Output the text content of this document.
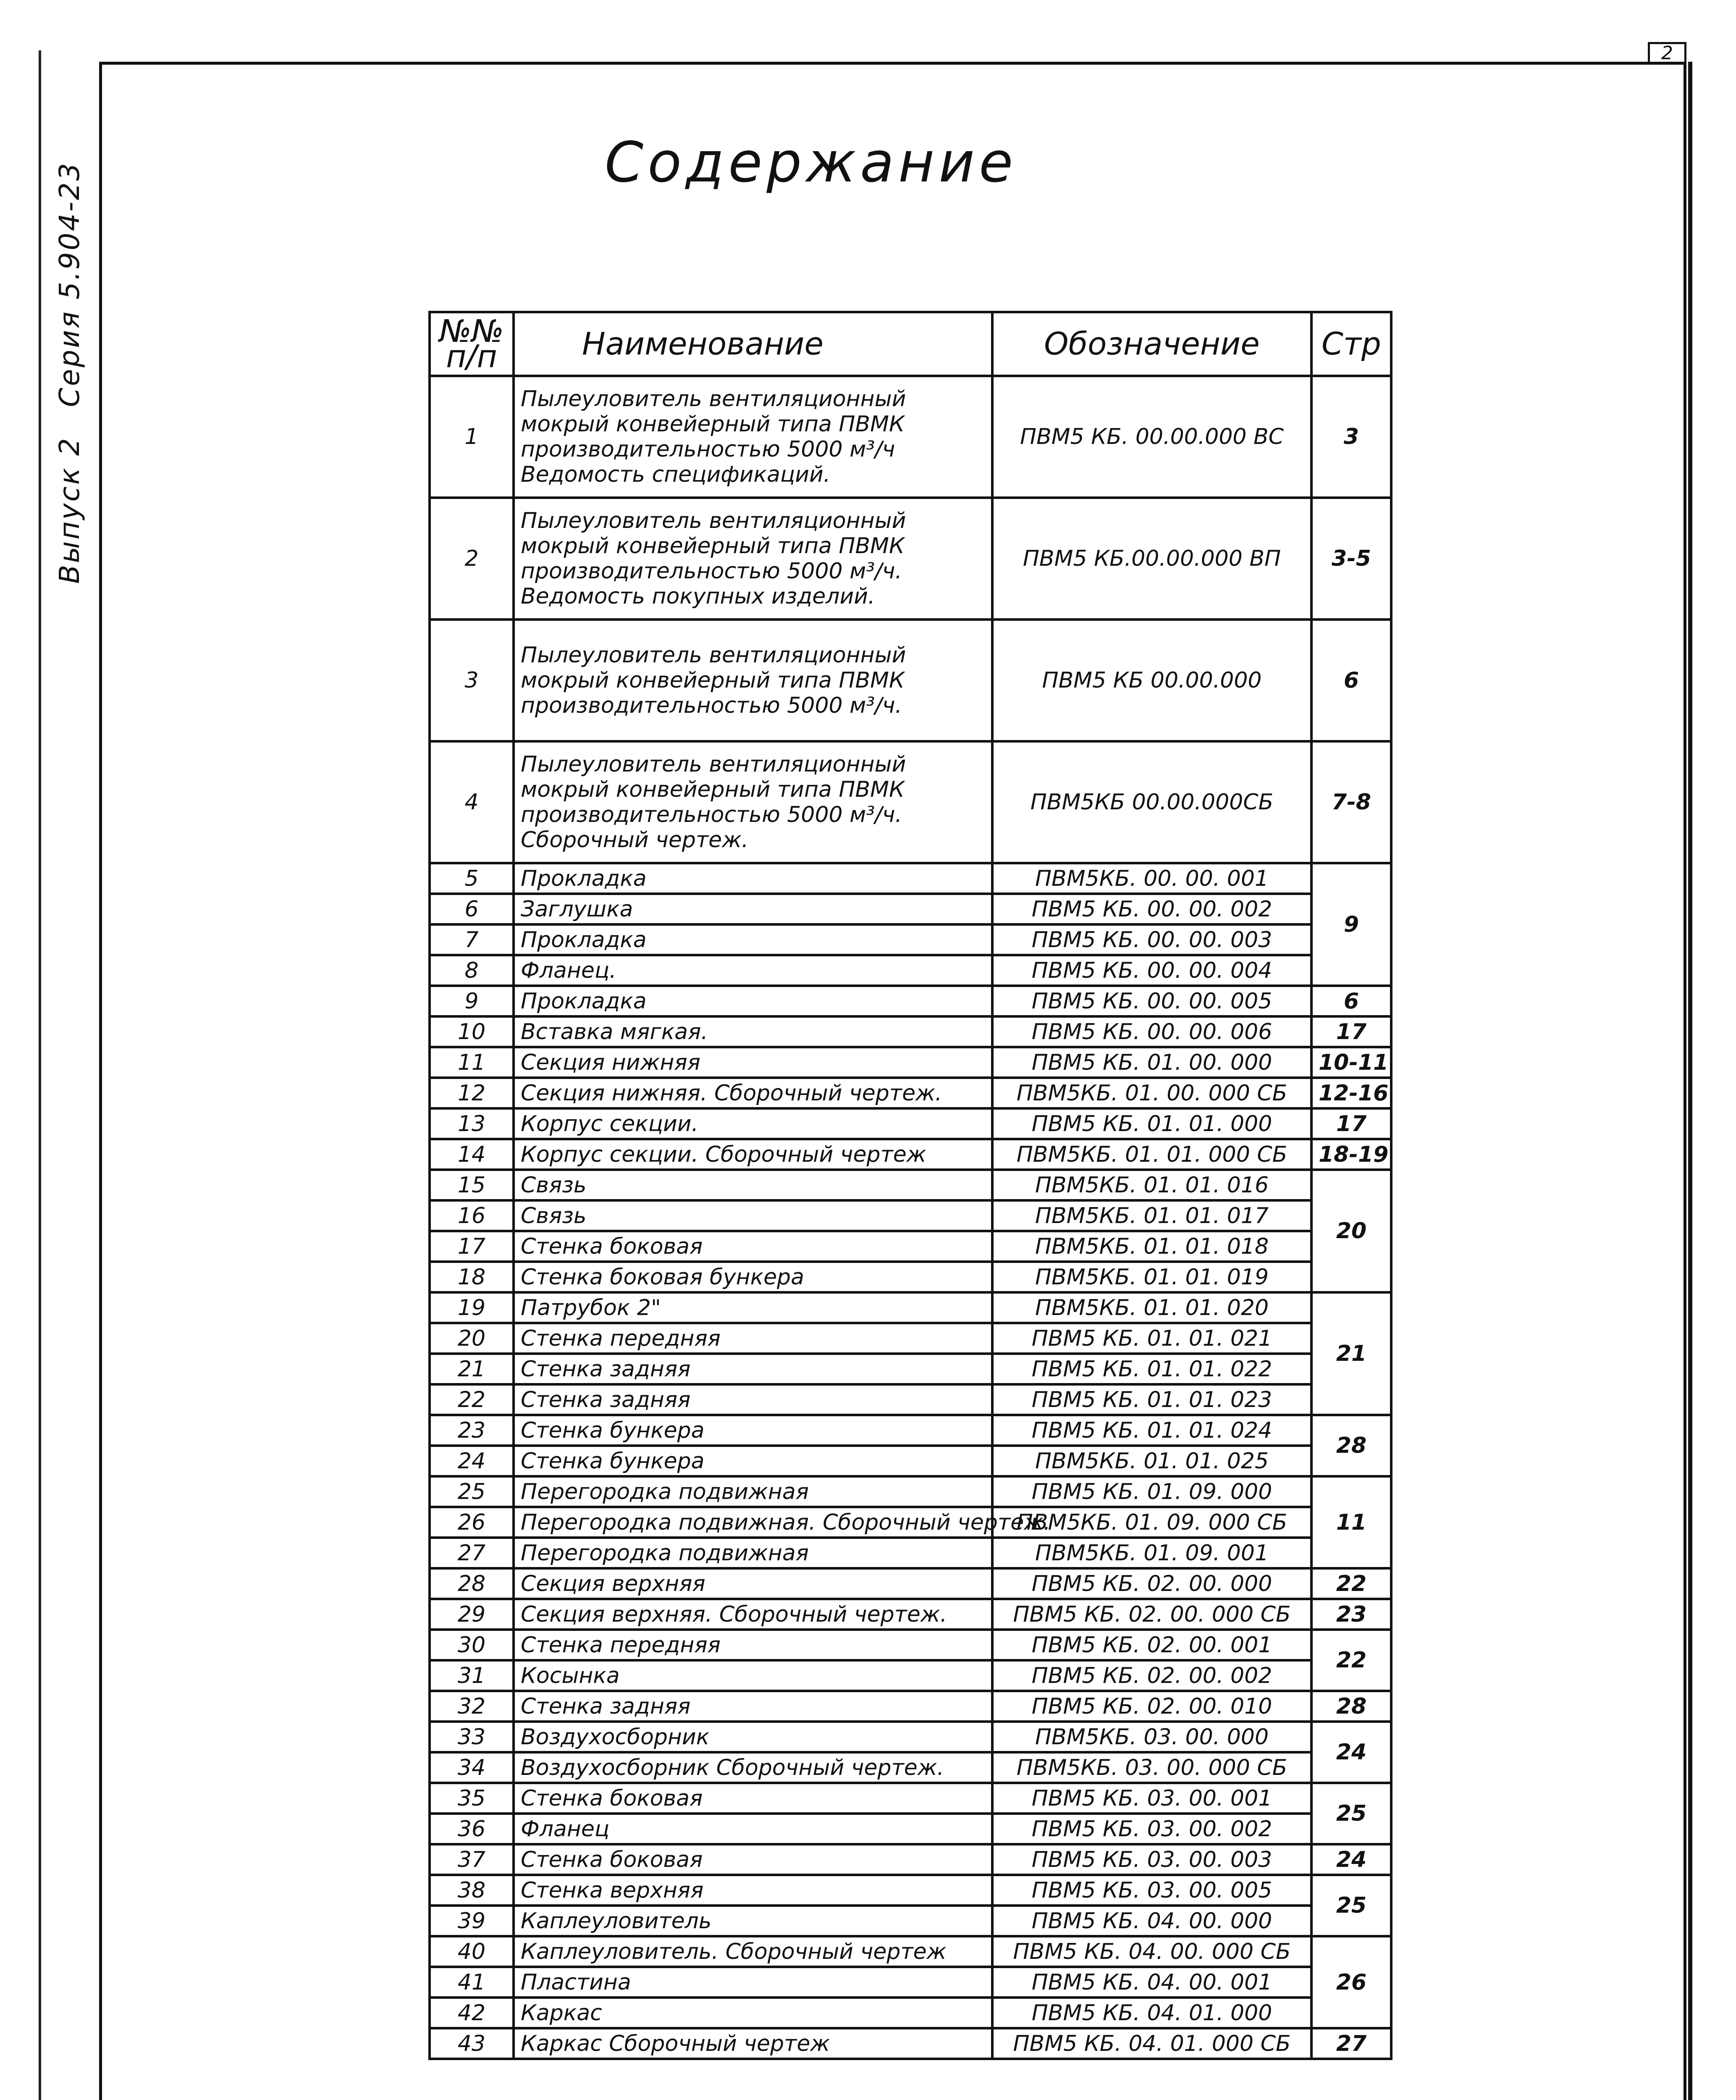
2
Выпуск 2
Серия 5.904-23	Содержание
№№ п/п	Наименование	Обозначение	Стр
1	Пылеуловитель вентиляционный
мокрый конвейерный типа ПВМК
производительностью 5000 м³/ч
Ведомость спецификаций.	ПВМ5 КБ. 00.00.000 ВС	3
2	Пылеуловитель вентиляционный
мокрый конвейерный типа ПВМК
производительностью 5000 м³/ч.
Ведомость покупных изделий.	ПВМ5 КБ.00.00.000 ВП	3-5
3	Пылеуловитель вентиляционный
мокрый конвейерный типа ПВМК
производительностью 5000 м³/ч.	ПВМ5 КБ 00.00.000	6
4	Пылеуловитель вентиляционный
мокрый конвейерный типа ПВМК
производительностью 5000 м³/ч.
Сборочный чертеж.	ПВМ5КБ 00.00.000СБ	7-8
5	Прокладка	ПВМ5КБ. 00. 00. 001	9
6	Заглушка	ПВМ5 КБ. 00. 00. 002	
7	Прокладка	ПВМ5 КБ. 00. 00. 003	
8	Фланец.	ПВМ5 КБ. 00. 00. 004	
9	Прокладка	ПВМ5 КБ. 00. 00. 005	6
10	Вставка мягкая.	ПВМ5 КБ. 00. 00. 006	17
11	Секция нижняя	ПВМ5 КБ. 01. 00. 000	10-11
12	Секция нижняя. Сборочный чертеж.	ПВМ5КБ. 01. 00. 000 СБ	12-16
13	Корпус секции.	ПВМ5 КБ. 01. 01. 000	17
14	Корпус секции. Сборочный чертеж	ПВМ5КБ. 01. 01. 000 СБ	18-19
15	Связь	ПВМ5КБ. 01. 01. 016	20
16	Связь	ПВМ5КБ. 01. 01. 017	
17	Стенка боковая	ПВМ5КБ. 01. 01. 018	
18	Стенка боковая бункера	ПВМ5КБ. 01. 01. 019	
19	Патрубок 2"	ПВМ5КБ. 01. 01. 020	21
20	Стенка передняя	ПВМ5 КБ. 01. 01. 021	
21	Стенка задняя	ПВМ5 КБ. 01. 01. 022	
22	Стенка задняя	ПВМ5 КБ. 01. 01. 023	
23	Стенка бункера	ПВМ5 КБ. 01. 01. 024	28
24	Стенка бункера	ПВМ5КБ. 01. 01. 025	
25	Перегородка подвижная	ПВМ5 КБ. 01. 09. 000	11
26	Перегородка подвижная. Сборочный чертеж.	ПВМ5КБ. 01. 09. 000 СБ	
27	Перегородка подвижная	ПВМ5КБ. 01. 09. 001	
28	Секция верхняя	ПВМ5 КБ. 02. 00. 000	22
29	Секция верхняя. Сборочный чертеж.	ПВМ5 КБ. 02. 00. 000 СБ	23
30	Стенка передняя	ПВМ5 КБ. 02. 00. 001	22
31	Косынка	ПВМ5 КБ. 02. 00. 002	
32	Стенка задняя	ПВМ5 КБ. 02. 00. 010	28
33	Воздухосборник	ПВМ5КБ. 03. 00. 000	24
34	Воздухосборник Сборочный чертеж.	ПВМ5КБ. 03. 00. 000 СБ	
35	Стенка боковая	ПВМ5 КБ. 03. 00. 001	25
36	Фланец	ПВМ5 КБ. 03. 00. 002	
37	Стенка боковая	ПВМ5 КБ. 03. 00. 003	24
38	Стенка верхняя	ПВМ5 КБ. 03. 00. 005	25
39	Каплеуловитель	ПВМ5 КБ. 04. 00. 000	
40	Каплеуловитель. Сборочный чертеж	ПВМ5 КБ. 04. 00. 000 СБ	26
41	Пластина	ПВМ5 КБ. 04. 00. 001	
42	Каркас	ПВМ5 КБ. 04. 01. 000	
43	Каркас Сборочный чертеж	ПВМ5 КБ. 04. 01. 000 СБ	27
